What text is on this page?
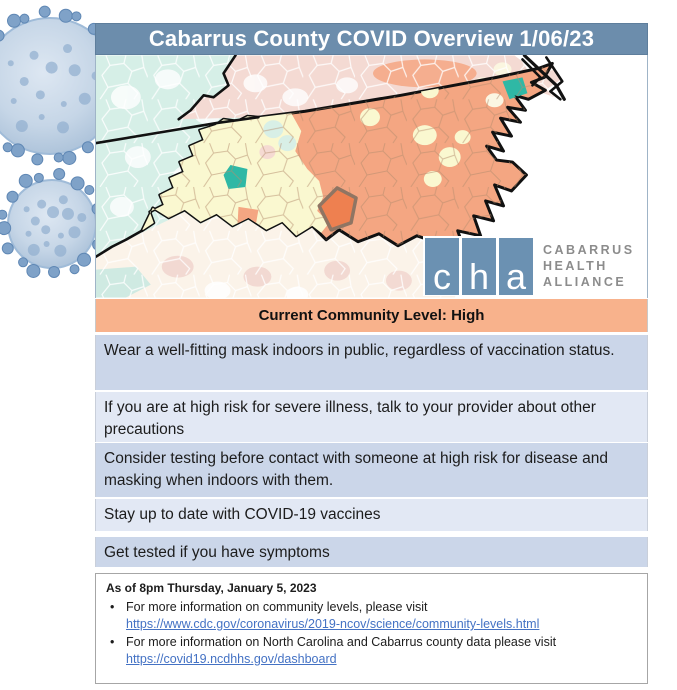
Cabarrus County COVID Overview 1/06/23
c h a
CABARRUS
HEALTH
ALLIANCE
Current Community Level: High
Wear a well-fitting mask indoors in public, regardless of vaccination status.
If you are at high risk for severe illness, talk to your provider about other precautions
Consider testing before contact with someone at high risk for disease and masking when indoors with them.
Stay up to date with COVID-19 vaccines
Get tested if you have symptoms

As of 8pm Thursday, January 5, 2023

• For more information on community levels, please visit
https://www.cdc.gov/coronavirus/2019-ncov/science/community-levels.html
• For more information on North Carolina and Cabarrus county data please visit
https://covid19.ncdhhs.gov/dashboard
